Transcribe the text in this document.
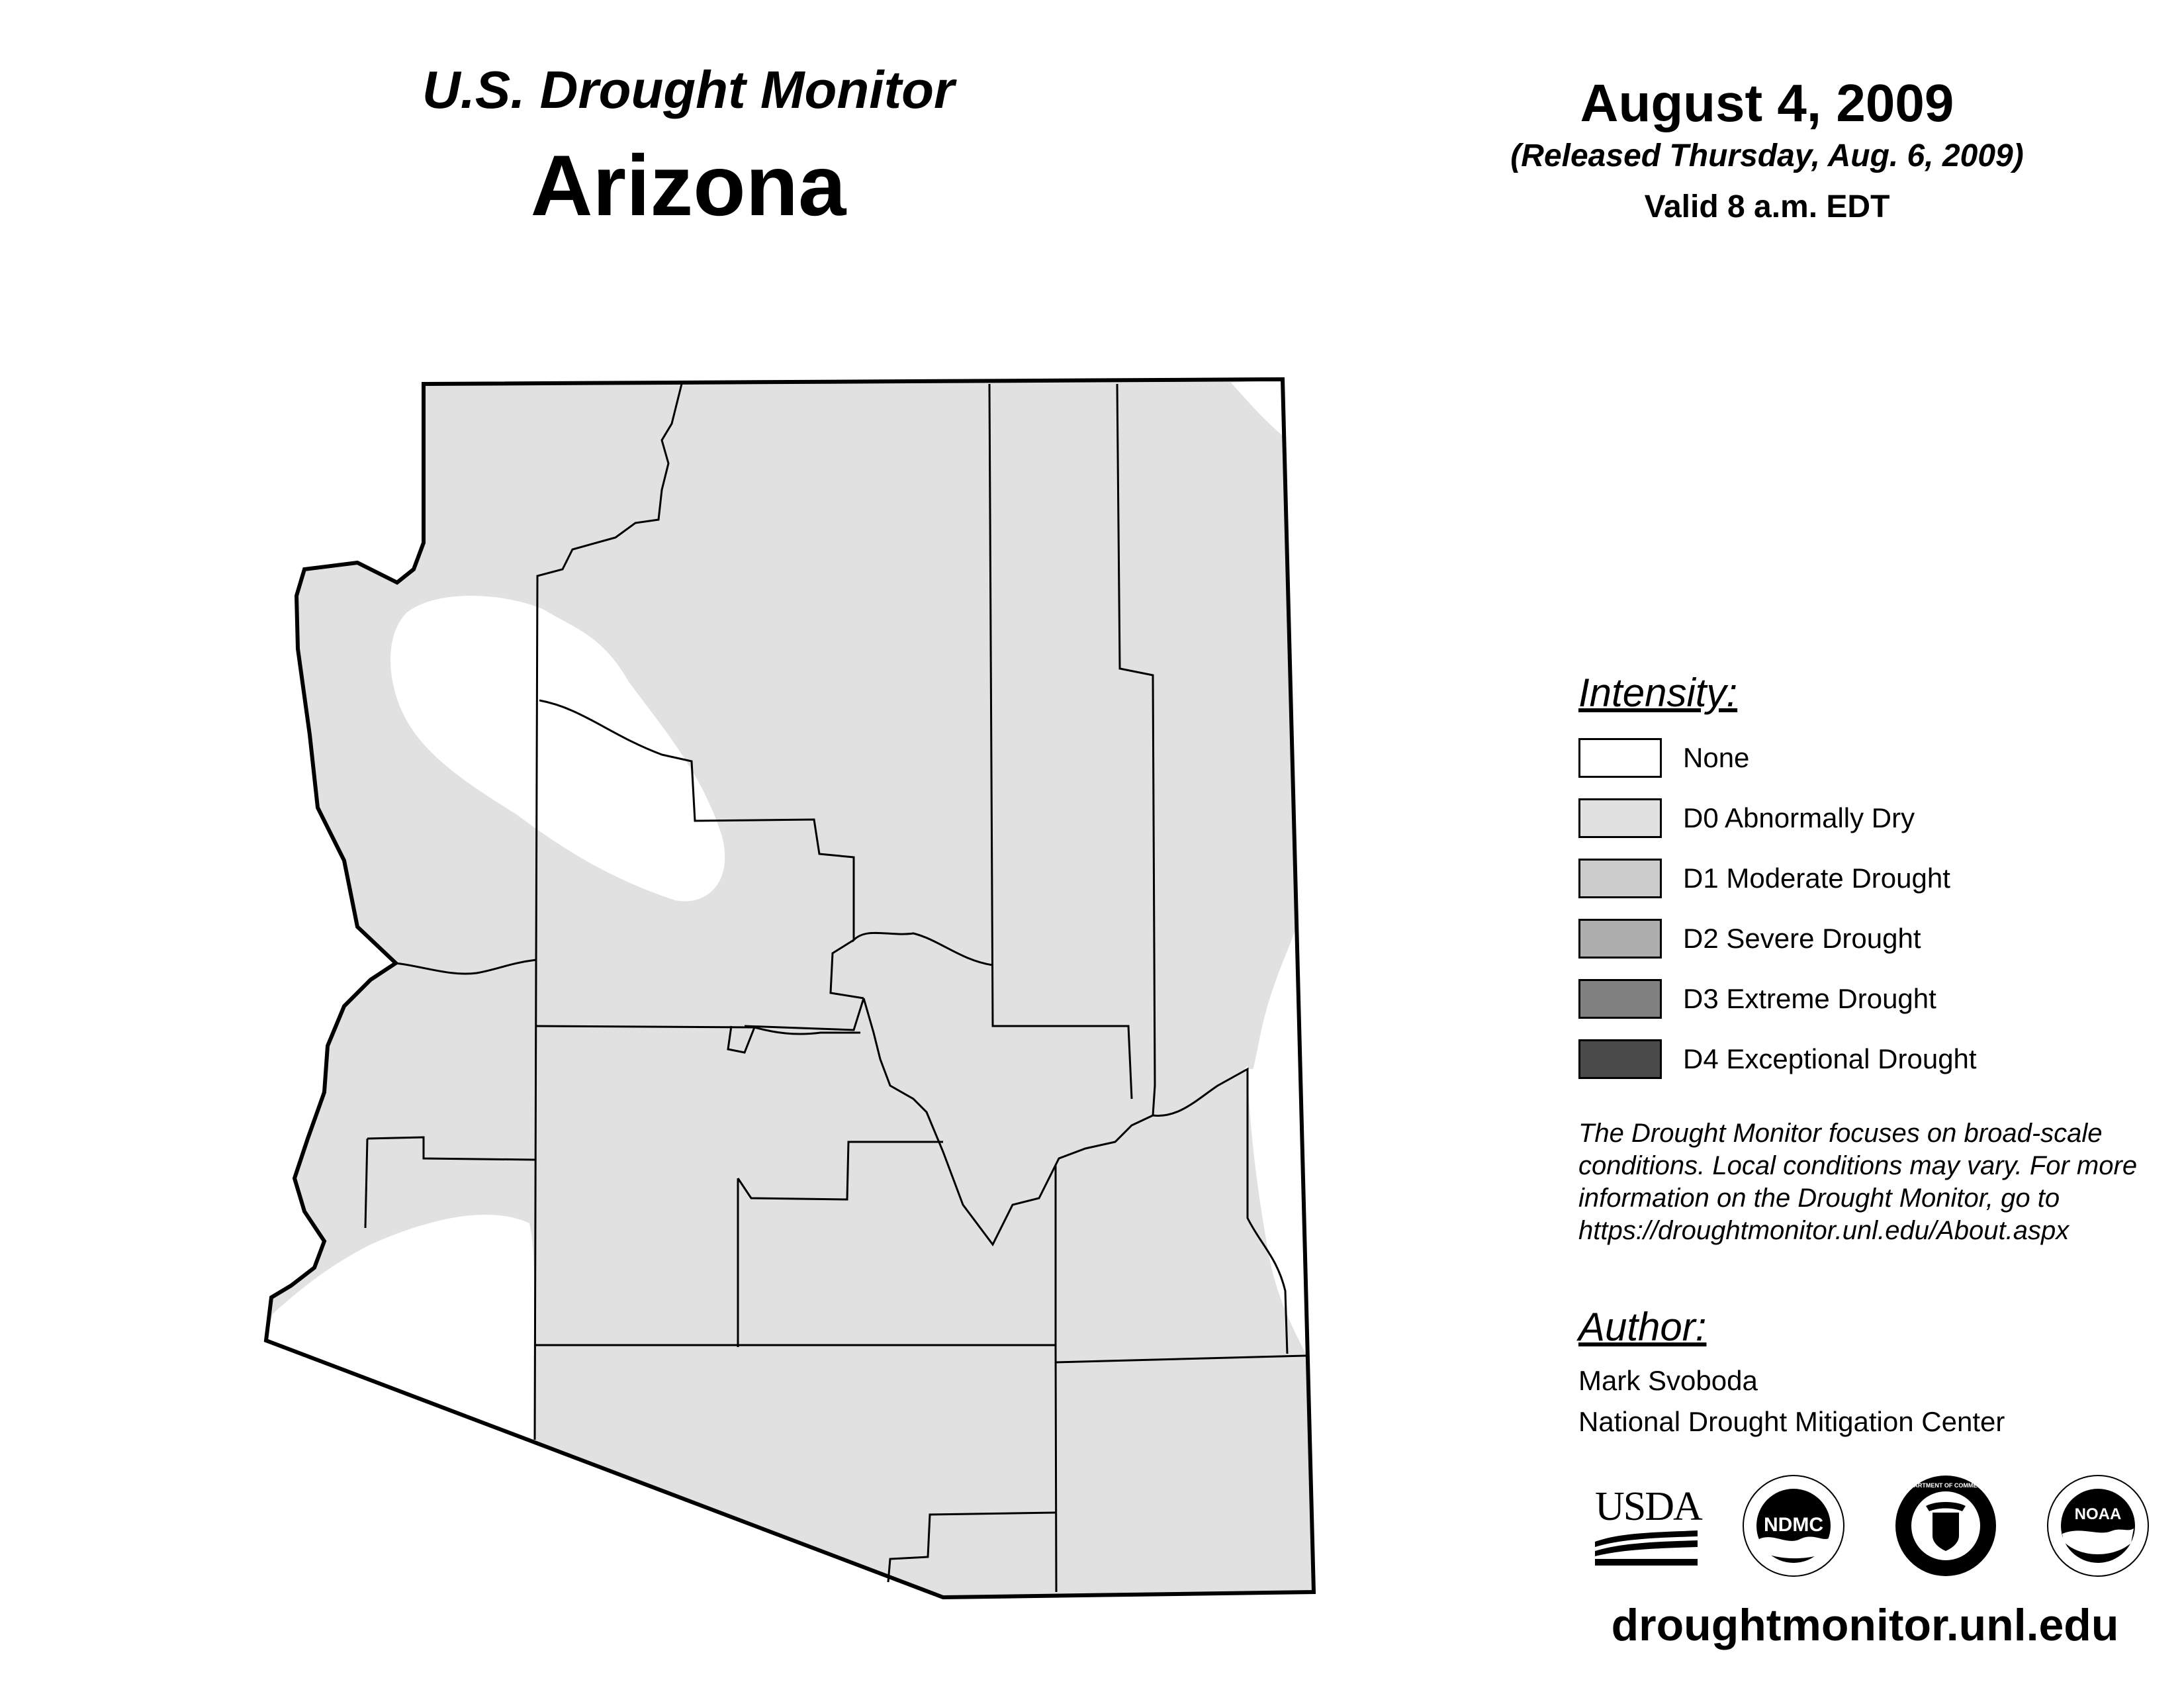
U.S. Drought Monitor
Arizona
August 4, 2009
(Released Thursday, Aug. 6, 2009)
Valid 8 a.m. EDT
Intensity:
None
D0 Abnormally Dry
D1 Moderate Drought
D2 Severe Drought
D3 Extreme Drought
D4 Exceptional Drought
The Drought Monitor focuses on broad-scale conditions. Local conditions may vary. For more information on the Drought Monitor, go to https://droughtmonitor.unl.edu/About.aspx
Author:
Mark Svoboda
National Drought Mitigation Center
USDA	NDMC
DEPARTMENT OF COMMERCE
NOAA
droughtmonitor.unl.edu
